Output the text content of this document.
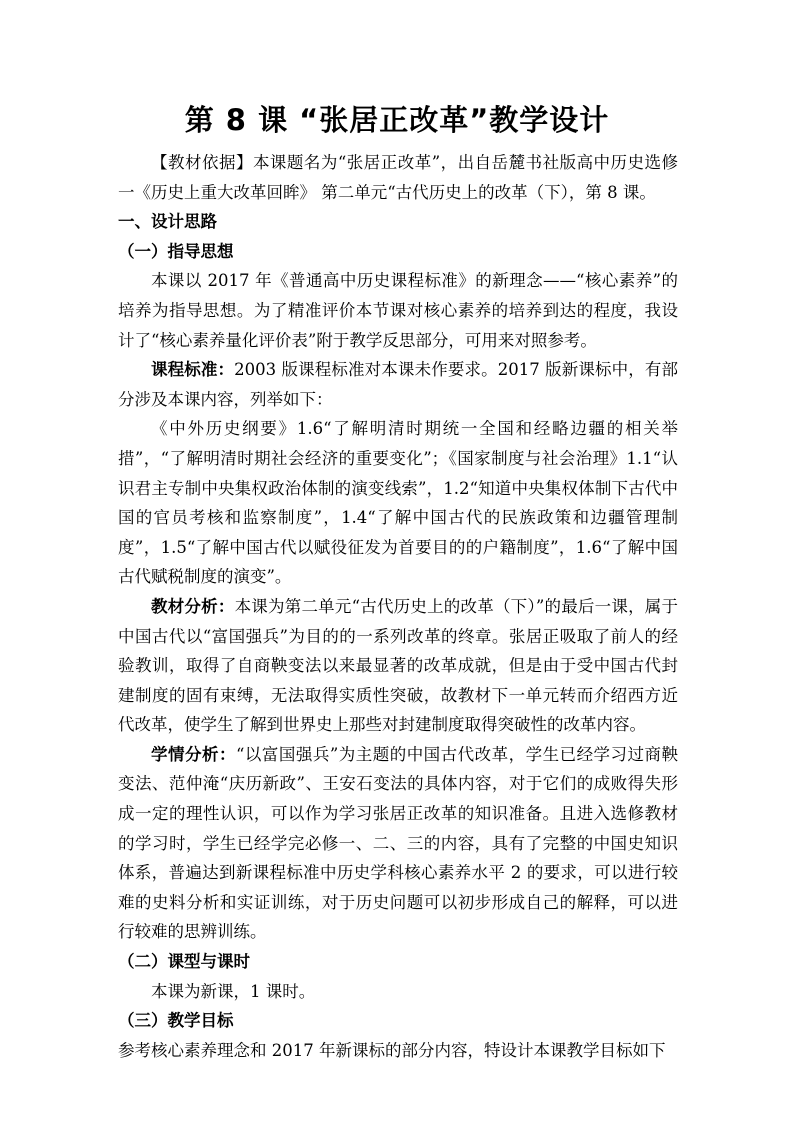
第 8 课 “张居正改革”教学设计

【教材依据】本课题名为“张居正改革”，出自岳麓书社版高中历史选修一《历史上重大改革回眸》 第二单元“古代历史上的改革（下），第 8 课。

一、设计思路

（一）指导思想

本课以 2017 年《普通高中历史课程标准》的新理念——“核心素养”的培养为指导思想。为了精准评价本节课对核心素养的培养到达的程度，我设计了“核心素养量化评价表”附于教学反思部分，可用来对照参考。

课程标准：2003 版课程标准对本课未作要求。2017 版新课标中，有部分涉及本课内容，列举如下：

《中外历史纲要》1.6“了解明清时期统一全国和经略边疆的相关举措”，“了解明清时期社会经济的重要变化”；《国家制度与社会治理》1.1“认识君主专制中央集权政治体制的演变线索”，1.2“知道中央集权体制下古代中国的官员考核和监察制度”，1.4“了解中国古代的民族政策和边疆管理制度”，1.5“了解中国古代以赋役征发为首要目的的户籍制度”，1.6“了解中国古代赋税制度的演变”。

教材分析：本课为第二单元“古代历史上的改革（下）”的最后一课，属于中国古代以“富国强兵”为目的的一系列改革的终章。张居正吸取了前人的经验教训，取得了自商鞅变法以来最显著的改革成就，但是由于受中国古代封建制度的固有束缚，无法取得实质性突破，故教材下一单元转而介绍西方近代改革，使学生了解到世界史上那些对封建制度取得突破性的改革内容。

学情分析：“以富国强兵”为主题的中国古代改革，学生已经学习过商鞅变法、范仲淹“庆历新政”、王安石变法的具体内容，对于它们的成败得失形成一定的理性认识，可以作为学习张居正改革的知识准备。且进入选修教材的学习时，学生已经学完必修一、二、三的内容，具有了完整的中国史知识体系，普遍达到新课程标准中历史学科核心素养水平 2 的要求，可以进行较难的史料分析和实证训练，对于历史问题可以初步形成自己的解释，可以进行较难的思辨训练。

（二）课型与课时

本课为新课，1 课时。

（三）教学目标

参考核心素养理念和 2017 年新课标的部分内容，特设计本课教学目标如下
